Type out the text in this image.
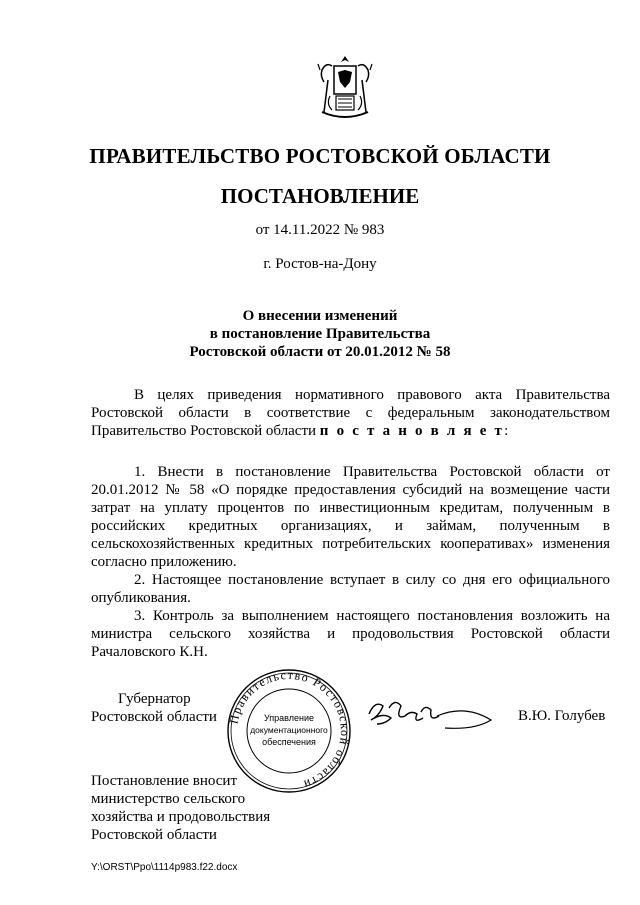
ПРАВИТЕЛЬСТВО РОСТОВСКОЙ ОБЛАСТИ
ПОСТАНОВЛЕНИЕ
от 14.11.2022 № 983
г. Ростов-на-Дону
О внесении изменений
в постановление Правительства
Ростовской области от 20.01.2012 № 58
В целях приведения нормативного правового акта Правительства Ростовской области в соответствие с федеральным законодательством Правительство Ростовской области п о с т а н о в л я е т:
1. Внести в постановление Правительства Ростовской области от 20.01.2012 № 58 «О порядке предоставления субсидий на возмещение части затрат на уплату процентов по инвестиционным кредитам, полученным в российских кредитных организациях, и займам, полученным в сельскохозяйственных кредитных потребительских кооперативах» изменения согласно приложению.
2. Настоящее постановление вступает в силу со дня его официального опубликования.
3. Контроль за выполнением настоящего постановления возложить на министра сельского хозяйства и продовольствия Ростовской области Рачаловского К.Н.
Губернатор
Ростовской области Правительство Ростовской области
Управление
документационного
обеспечения
В.Ю. Голубев
Постановление вносит
министерство сельского
хозяйства и продовольствия
Ростовской области
Y:\ORST\Ppo\1114p983.f22.docx
